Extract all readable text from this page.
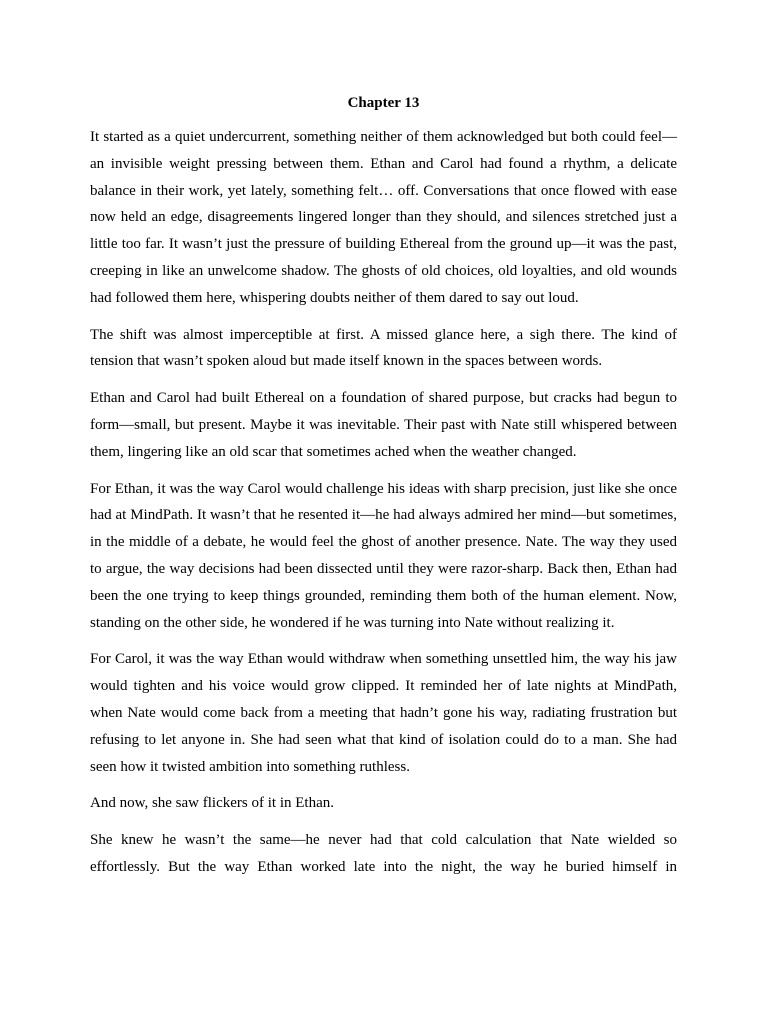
Chapter 13

It started as a quiet undercurrent, something neither of them acknowledged but both could feel—an invisible weight pressing between them. Ethan and Carol had found a rhythm, a delicate balance in their work, yet lately, something felt… off. Conversations that once flowed with ease now held an edge, disagreements lingered longer than they should, and silences stretched just a little too far. It wasn’t just the pressure of building Ethereal from the ground up—it was the past, creeping in like an unwelcome shadow. The ghosts of old choices, old loyalties, and old wounds had followed them here, whispering doubts neither of them dared to say out loud.

The shift was almost imperceptible at first. A missed glance here, a sigh there. The kind of tension that wasn’t spoken aloud but made itself known in the spaces between words.

Ethan and Carol had built Ethereal on a foundation of shared purpose, but cracks had begun to form—small, but present. Maybe it was inevitable. Their past with Nate still whispered between them, lingering like an old scar that sometimes ached when the weather changed.

For Ethan, it was the way Carol would challenge his ideas with sharp precision, just like she once had at MindPath. It wasn’t that he resented it—he had always admired her mind—but sometimes, in the middle of a debate, he would feel the ghost of another presence. Nate. The way they used to argue, the way decisions had been dissected until they were razor-sharp. Back then, Ethan had been the one trying to keep things grounded, reminding them both of the human element. Now, standing on the other side, he wondered if he was turning into Nate without realizing it.

For Carol, it was the way Ethan would withdraw when something unsettled him, the way his jaw would tighten and his voice would grow clipped. It reminded her of late nights at MindPath, when Nate would come back from a meeting that hadn’t gone his way, radiating frustration but refusing to let anyone in. She had seen what that kind of isolation could do to a man. She had seen how it twisted ambition into something ruthless.

And now, she saw flickers of it in Ethan.

She knew he wasn’t the same—he never had that cold calculation that Nate wielded so effortlessly. But the way Ethan worked late into the night, the way he buried himself in
